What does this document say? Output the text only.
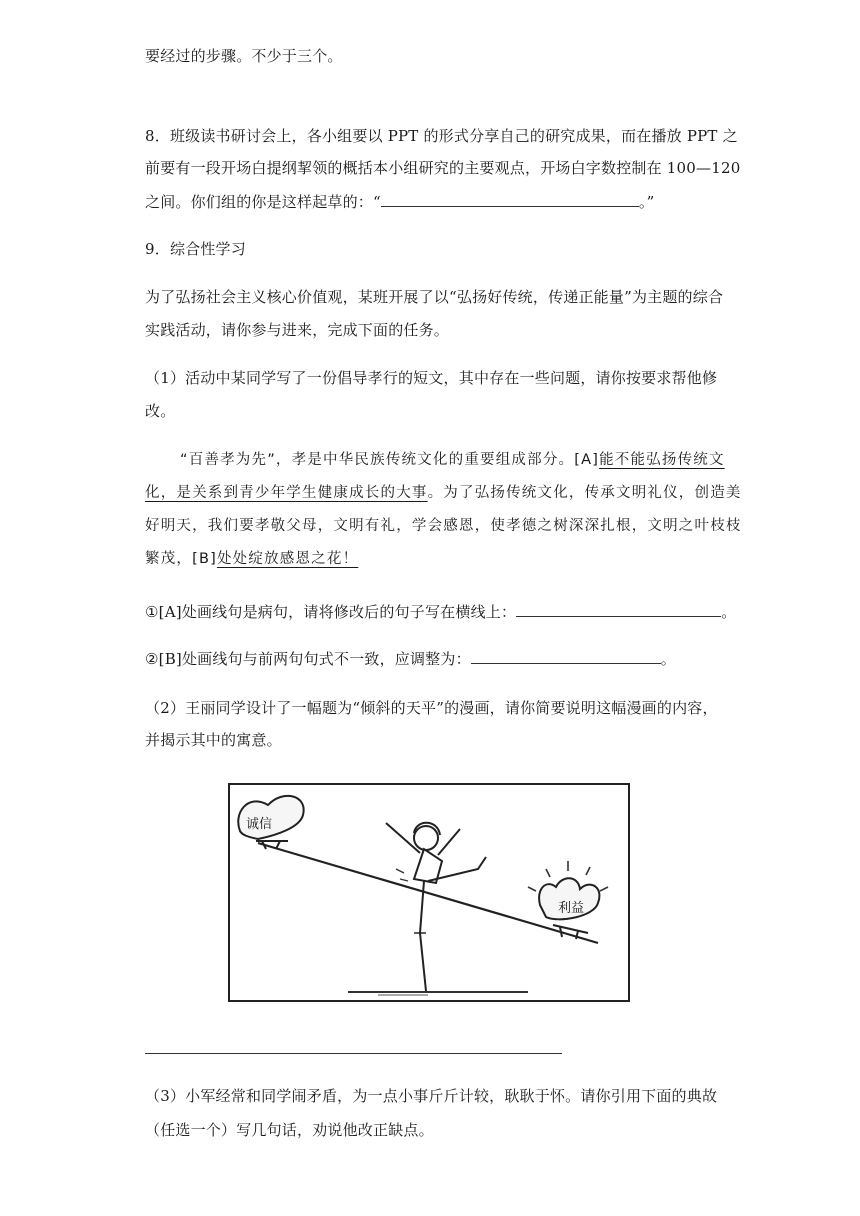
要经过的步骤。不少于三个。
8．班级读书研讨会上，各小组要以 PPT 的形式分享自己的研究成果，而在播放 PPT 之
前要有一段开场白提纲挈领的概括本小组研究的主要观点，开场白字数控制在 100—120
之间。你们组的你是这样起草的：“	。”
9．综合性学习
为了弘扬社会主义核心价值观，某班开展了以“弘扬好传统，传递正能量”为主题的综合
实践活动，请你参与进来，完成下面的任务。
（1）活动中某同学写了一份倡导孝行的短文，其中存在一些问题，请你按要求帮他修
改。
“百善孝为先”，孝是中华民族传统文化的重要组成部分。[A]能不能弘扬传统文
化，是关系到青少年学生健康成长的大事。为了弘扬传统文化，传承文明礼仪，创造美
好明天，我们要孝敬父母，文明有礼，学会感恩，使孝德之树深深扎根，文明之叶枝枝
繁茂，[B]处处绽放感恩之花！
①[A]处画线句是病句，请将修改后的句子写在横线上：	。
②[B]处画线句与前两句句式不一致，应调整为：	。
（2）王丽同学设计了一幅题为“倾斜的天平”的漫画，请你简要说明这幅漫画的内容，
并揭示其中的寓意。
诚信
利益
（3）小军经常和同学闹矛盾，为一点小事斤斤计较，耿耿于怀。请你引用下面的典故
（任选一个）写几句话，劝说他改正缺点。
